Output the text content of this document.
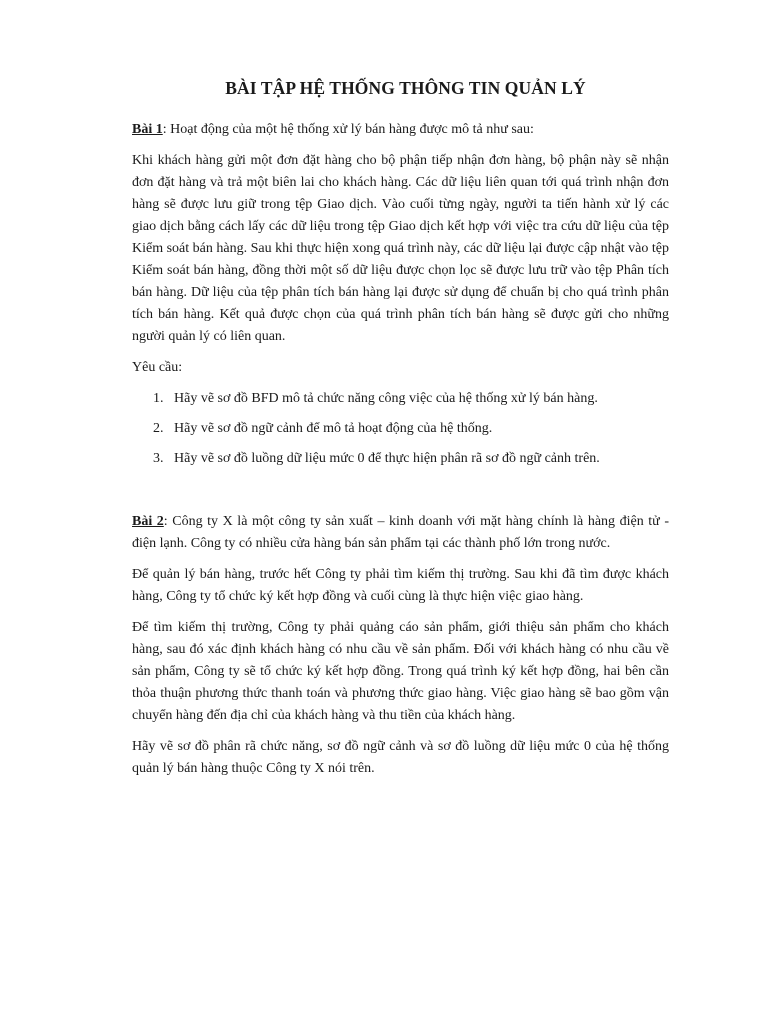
BÀI TẬP HỆ THỐNG THÔNG TIN QUẢN LÝ

Bài 1: Hoạt động của một hệ thống xử lý bán hàng được mô tả như sau:

Khi khách hàng gửi một đơn đặt hàng cho bộ phận tiếp nhận đơn hàng, bộ phận này sẽ nhận đơn đặt hàng và trả một biên lai cho khách hàng. Các dữ liệu liên quan tới quá trình nhận đơn hàng sẽ được lưu giữ trong tệp Giao dịch. Vào cuối từng ngày, người ta tiến hành xử lý các giao dịch bằng cách lấy các dữ liệu trong tệp Giao dịch kết hợp với việc tra cứu dữ liệu của tệp Kiểm soát bán hàng. Sau khi thực hiện xong quá trình này, các dữ liệu lại được cập nhật vào tệp Kiểm soát bán hàng, đồng thời một số dữ liệu được chọn lọc sẽ được lưu trữ vào tệp Phân tích bán hàng. Dữ liệu của tệp phân tích bán hàng lại được sử dụng để chuẩn bị cho quá trình phân tích bán hàng. Kết quả được chọn của quá trình phân tích bán hàng sẽ được gửi cho những người quản lý có liên quan.

Yêu cầu:

1. Hãy vẽ sơ đồ BFD mô tả chức năng công việc của hệ thống xử lý bán hàng.
2. Hãy vẽ sơ đồ ngữ cảnh để mô tả hoạt động của hệ thống.
3. Hãy vẽ sơ đồ luồng dữ liệu mức 0 để thực hiện phân rã sơ đồ ngữ cảnh trên.

Bài 2: Công ty X là một công ty sản xuất – kinh doanh với mặt hàng chính là hàng điện tử - điện lạnh. Công ty có nhiều cửa hàng bán sản phẩm tại các thành phố lớn trong nước.

Để quản lý bán hàng, trước hết Công ty phải tìm kiếm thị trường. Sau khi đã tìm được khách hàng, Công ty tổ chức ký kết hợp đồng và cuối cùng là thực hiện việc giao hàng.

Để tìm kiếm thị trường, Công ty phải quảng cáo sản phẩm, giới thiệu sản phẩm cho khách hàng, sau đó xác định khách hàng có nhu cầu về sản phẩm. Đối với khách hàng có nhu cầu về sản phẩm, Công ty sẽ tổ chức ký kết hợp đồng. Trong quá trình ký kết hợp đồng, hai bên cần thỏa thuận phương thức thanh toán và phương thức giao hàng. Việc giao hàng sẽ bao gồm vận chuyển hàng đến địa chỉ của khách hàng và thu tiền của khách hàng.

Hãy vẽ sơ đồ phân rã chức năng, sơ đồ ngữ cảnh và sơ đồ luồng dữ liệu mức 0 của hệ thống quản lý bán hàng thuộc Công ty X nói trên.
